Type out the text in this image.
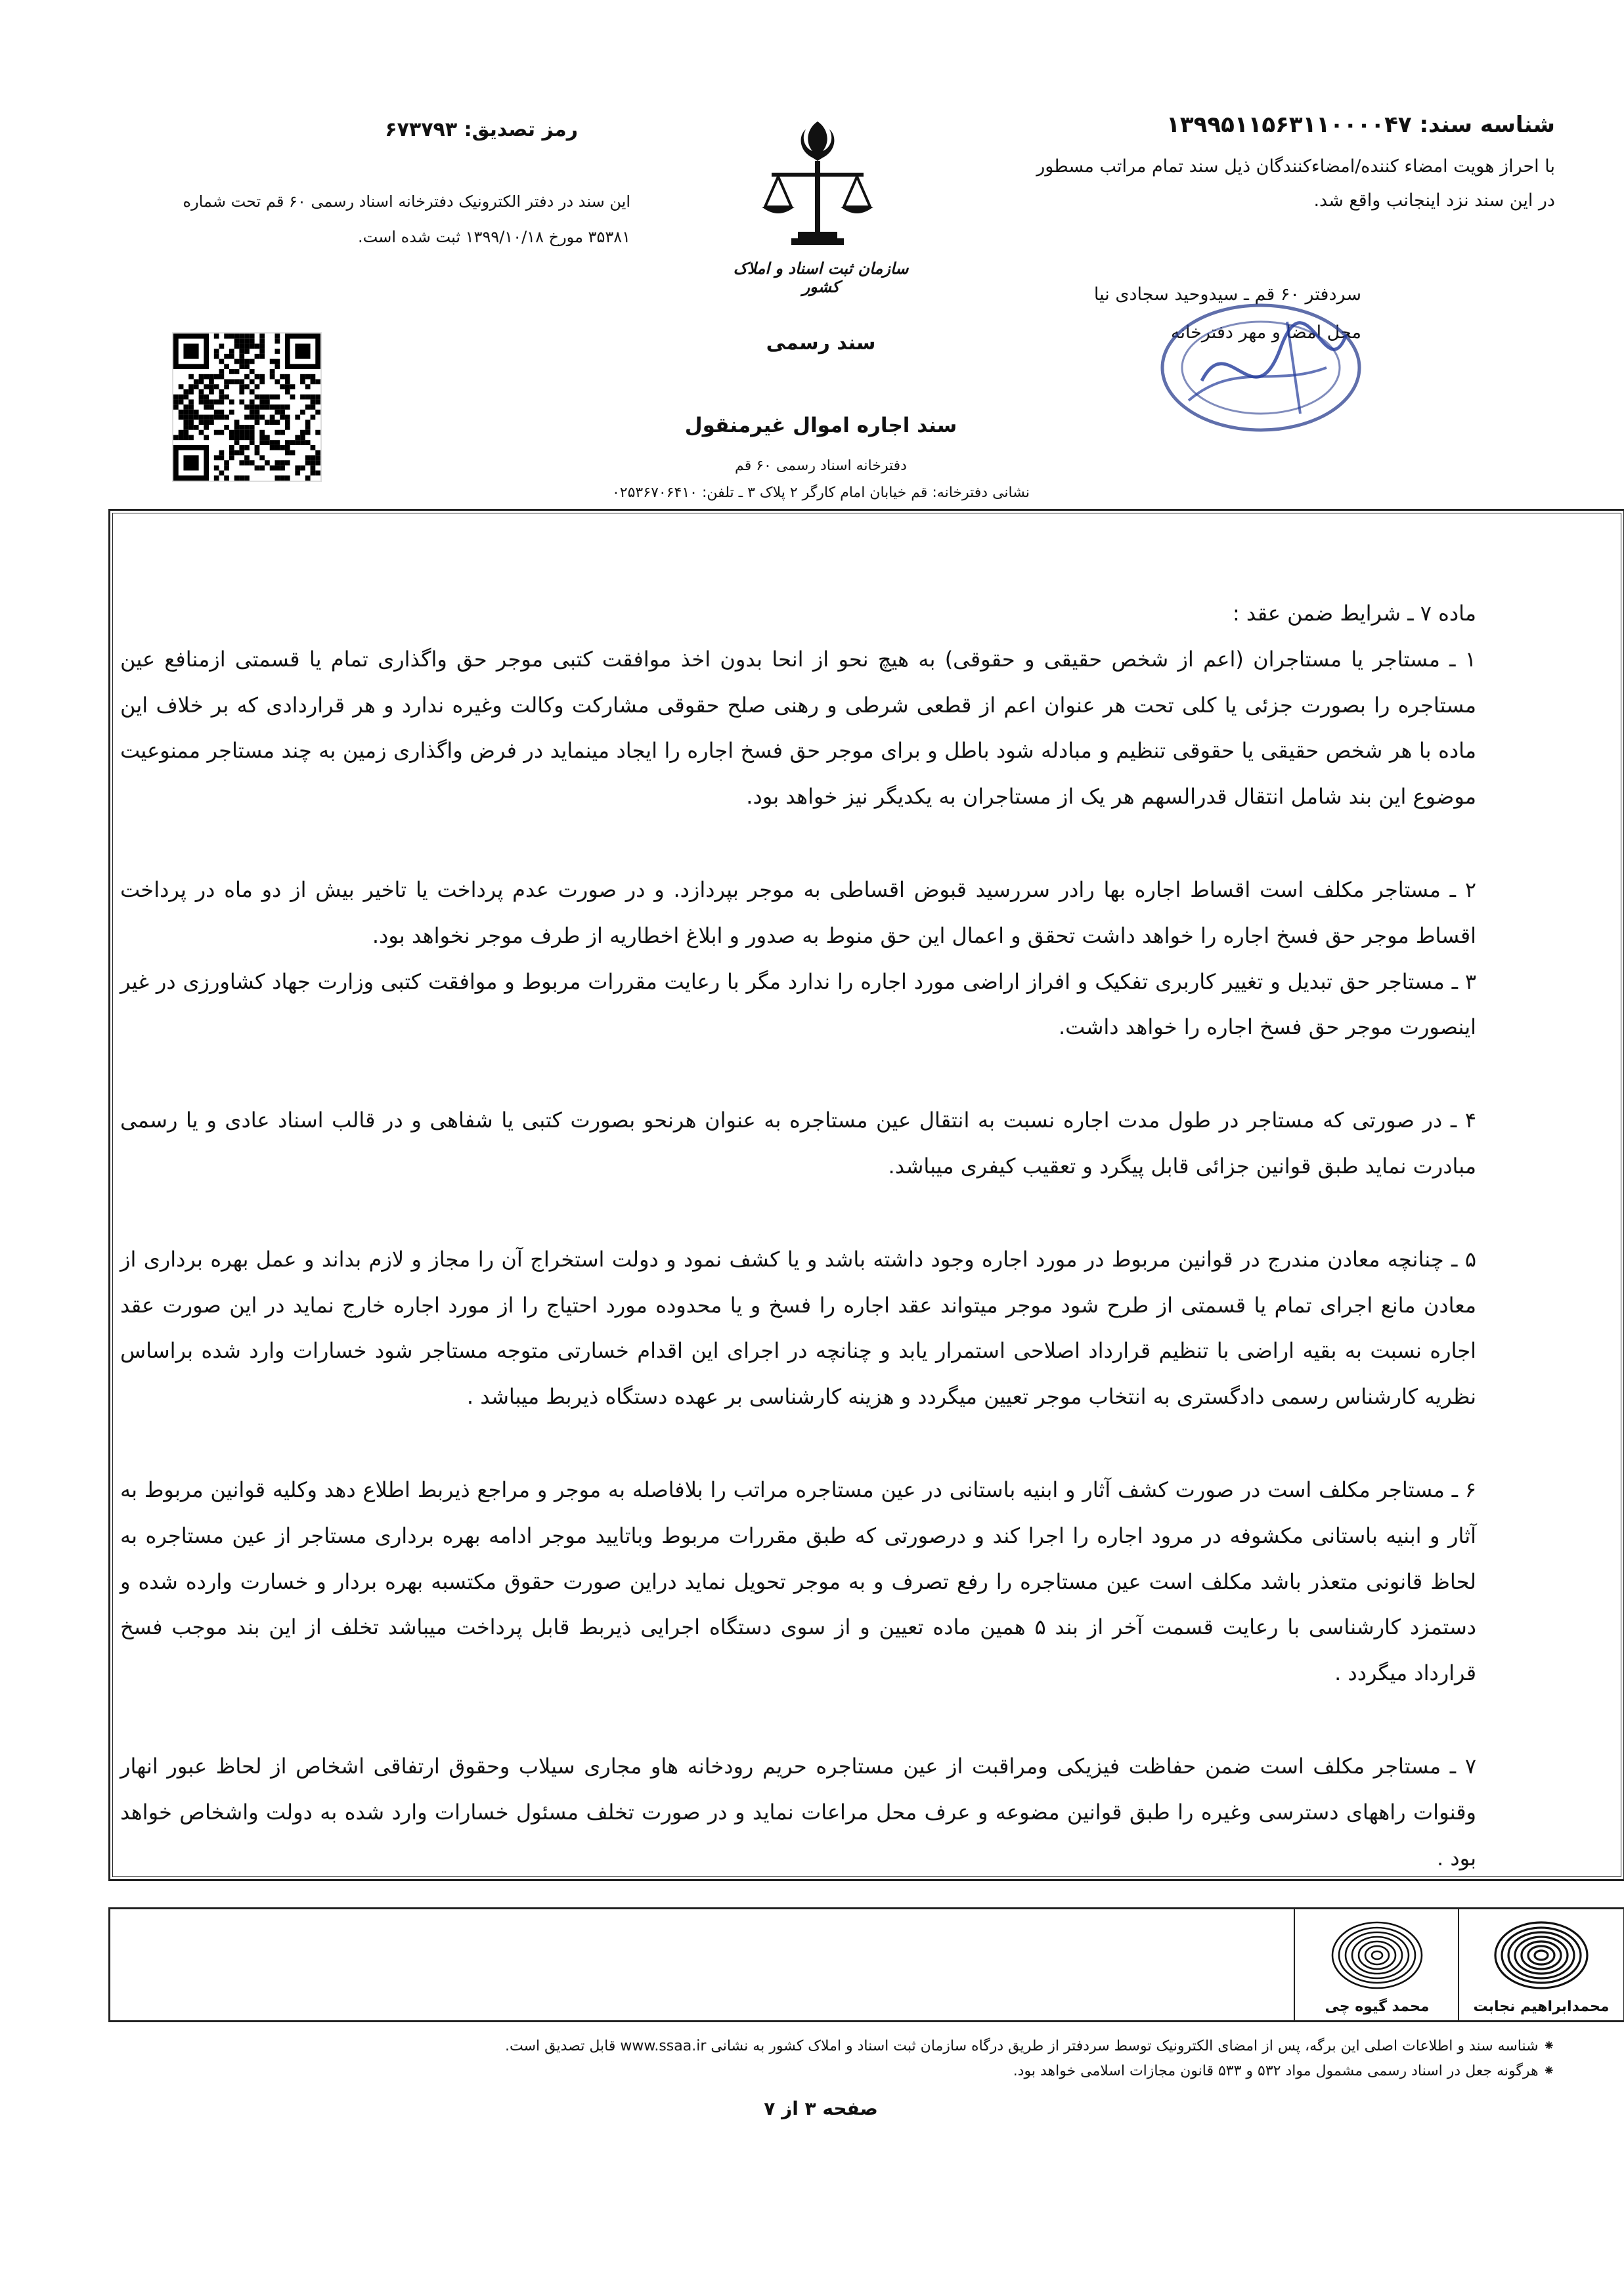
شناسه سند: ۱۳۹۹۵۱۱۵۶۳۱۱۰۰۰۰۴۷
با احراز هویت امضاء کننده/امضاءکنندگان ذیل سند تمام مراتب مسطور
در این سند نزد اینجانب واقع شد.
سردفتر ۶۰ قم ـ سیدوحید سجادی نیا
محل امضا و مهر دفترخانه
سازمان ثبت اسناد و املاک کشور
سند رسمی
سند اجاره اموال غیرمنقول
دفترخانه اسناد رسمی ۶۰ قم
نشانی دفترخانه: قم خیابان امام کارگر ۲ پلاک ۳ ـ تلفن: ۰۲۵۳۶۷۰۶۴۱۰
رمز تصدیق: ۶۷۳۷۹۳
این سند در دفتر الکترونیک دفترخانه اسناد رسمی ۶۰ قم تحت شماره
۳۵۳۸۱ مورخ ۱۳۹۹/۱۰/۱۸ ثبت شده است.
ماده ۷ ـ شرایط ضمن عقد :

۱ ـ مستاجر یا مستاجران (اعم از شخص حقیقی و حقوقی) به هیچ نحو از انحا بدون اخذ موافقت کتبی موجر حق واگذاری تمام یا قسمتی ازمنافع عین مستاجره را بصورت جزئی یا کلی تحت هر عنوان اعم از قطعی شرطی و رهنی صلح حقوقی مشارکت وکالت وغیره ندارد و هر قراردادی که بر خلاف این ماده با هر شخص حقیقی یا حقوقی تنظیم و مبادله شود باطل و برای موجر حق فسخ اجاره را ایجاد مینماید در فرض واگذاری زمین به چند مستاجر ممنوعیت موضوع این بند شامل انتقال قدرالسهم هر یک از مستاجران به یکدیگر نیز خواهد بود.

۲ ـ مستاجر مکلف است اقساط اجاره بها رادر سررسید قبوض اقساطی به موجر بپردازد. و در صورت عدم پرداخت یا تاخیر بیش از دو ماه در پرداخت اقساط موجر حق فسخ اجاره را خواهد داشت تحقق و اعمال این حق منوط به صدور و ابلاغ اخطاریه از طرف موجر نخواهد بود.

۳ ـ مستاجر حق تبدیل و تغییر کاربری تفکیک و افراز اراضی مورد اجاره را ندارد مگر با رعایت مقررات مربوط و موافقت کتبی وزارت جهاد کشاورزی در غیر اینصورت موجر حق فسخ اجاره را خواهد داشت.

۴ ـ در صورتی که مستاجر در طول مدت اجاره نسبت به انتقال عین مستاجره به عنوان هرنحو بصورت کتبی یا شفاهی و در قالب اسناد عادی و یا رسمی مبادرت نماید طبق قوانین جزائی قابل پیگرد و تعقیب کیفری میباشد.

۵ ـ چنانچه معادن مندرج در قوانین مربوط در مورد اجاره وجود داشته باشد و یا کشف نمود و دولت استخراج آن را مجاز و لازم بداند و عمل بهره برداری از معادن مانع اجرای تمام یا قسمتی از طرح شود موجر میتواند عقد اجاره را فسخ و یا محدوده مورد احتیاج را از مورد اجاره خارج نماید در این صورت عقد اجاره نسبت به بقیه اراضی با تنظیم قرارداد اصلاحی استمرار یابد و چنانچه در اجرای این اقدام خسارتی متوجه مستاجر شود خسارات وارد شده براساس نظریه کارشناس رسمی دادگستری به انتخاب موجر تعیین میگردد و هزینه کارشناسی بر عهده دستگاه ذیربط میباشد .

۶ ـ مستاجر مکلف است در صورت کشف آثار و ابنیه باستانی در عین مستاجره مراتب را بلافاصله به موجر و مراجع ذیربط اطلاع دهد وکلیه قوانین مربوط به آثار و ابنیه باستانی مکشوفه در مرود اجاره را اجرا کند و درصورتی که طبق مقررات مربوط وباتایید موجر ادامه بهره برداری مستاجر از عین مستاجره به لحاظ قانونی متعذر باشد مکلف است عین مستاجره را رفع تصرف و به موجر تحویل نماید دراین صورت حقوق مکتسبه بهره بردار و خسارت وارده شده و دستمزد کارشناسی با رعایت قسمت آخر از بند ۵ همین ماده تعیین و از سوی دستگاه اجرایی ذیربط قابل پرداخت میباشد تخلف از این بند موجب فسخ قرارداد میگردد .

۷ ـ مستاجر مکلف است ضمن حفاظت فیزیکی ومراقبت از عین مستاجره حریم رودخانه هاو مجاری سیلاب وحقوق ارتفاقی اشخاص از لحاظ عبور انهار وقنوات راههای دسترسی وغیره را طبق قوانین مضوعه و عرف محل مراعات نماید و در صورت تخلف مسئول خسارات وارد شده به دولت واشخاص خواهد بود .

محمدابراهیم نجابت
محمد گیوه چی
⁕ شناسه سند و اطلاعات اصلی این برگه، پس از امضای الکترونیک توسط سردفتر از طریق درگاه سازمان ثبت اسناد و املاک کشور به نشانی www.ssaa.ir قابل تصدیق است.
⁕ هرگونه جعل در اسناد رسمی مشمول مواد ۵۳۲ و ۵۳۳ قانون مجازات اسلامی خواهد بود.
صفحه ۳ از ۷
